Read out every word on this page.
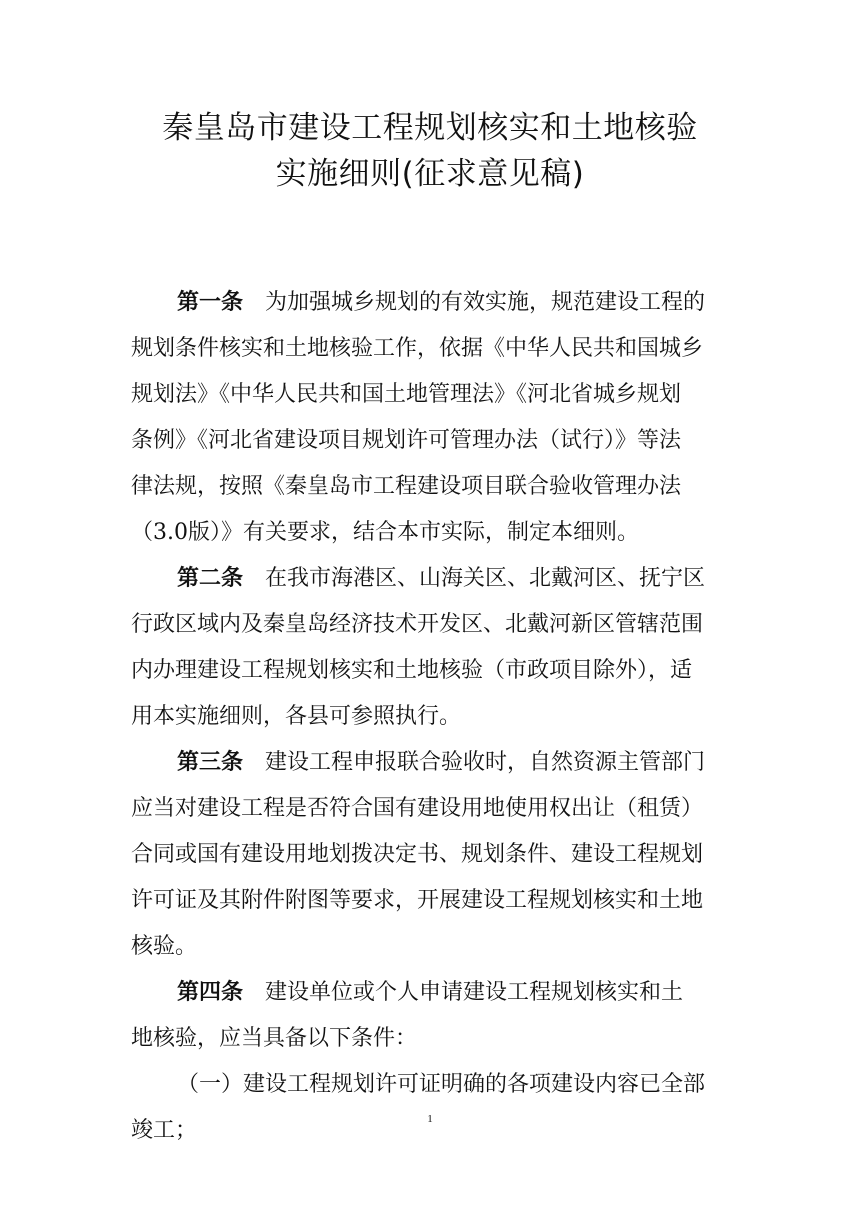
秦皇岛市建设工程规划核实和土地核验
实施细则(征求意见稿)
第一条 为加强城乡规划的有效实施，规范建设工程的
规划条件核实和土地核验工作，依据《中华人民共和国城乡
规划法》《中华人民共和国土地管理法》《河北省城乡规划
条例》《河北省建设项目规划许可管理办法（试行）》等法
律法规，按照《秦皇岛市工程建设项目联合验收管理办法
（3.0版）》有关要求，结合本市实际，制定本细则。
第二条 在我市海港区、山海关区、北戴河区、抚宁区
行政区域内及秦皇岛经济技术开发区、北戴河新区管辖范围
内办理建设工程规划核实和土地核验（市政项目除外），适
用本实施细则，各县可参照执行。
第三条 建设工程申报联合验收时，自然资源主管部门
应当对建设工程是否符合国有建设用地使用权出让（租赁）
合同或国有建设用地划拨决定书、规划条件、建设工程规划
许可证及其附件附图等要求，开展建设工程规划核实和土地
核验。
第四条 建设单位或个人申请建设工程规划核实和土
地核验，应当具备以下条件：
（一）建设工程规划许可证明确的各项建设内容已全部
竣工；	1
